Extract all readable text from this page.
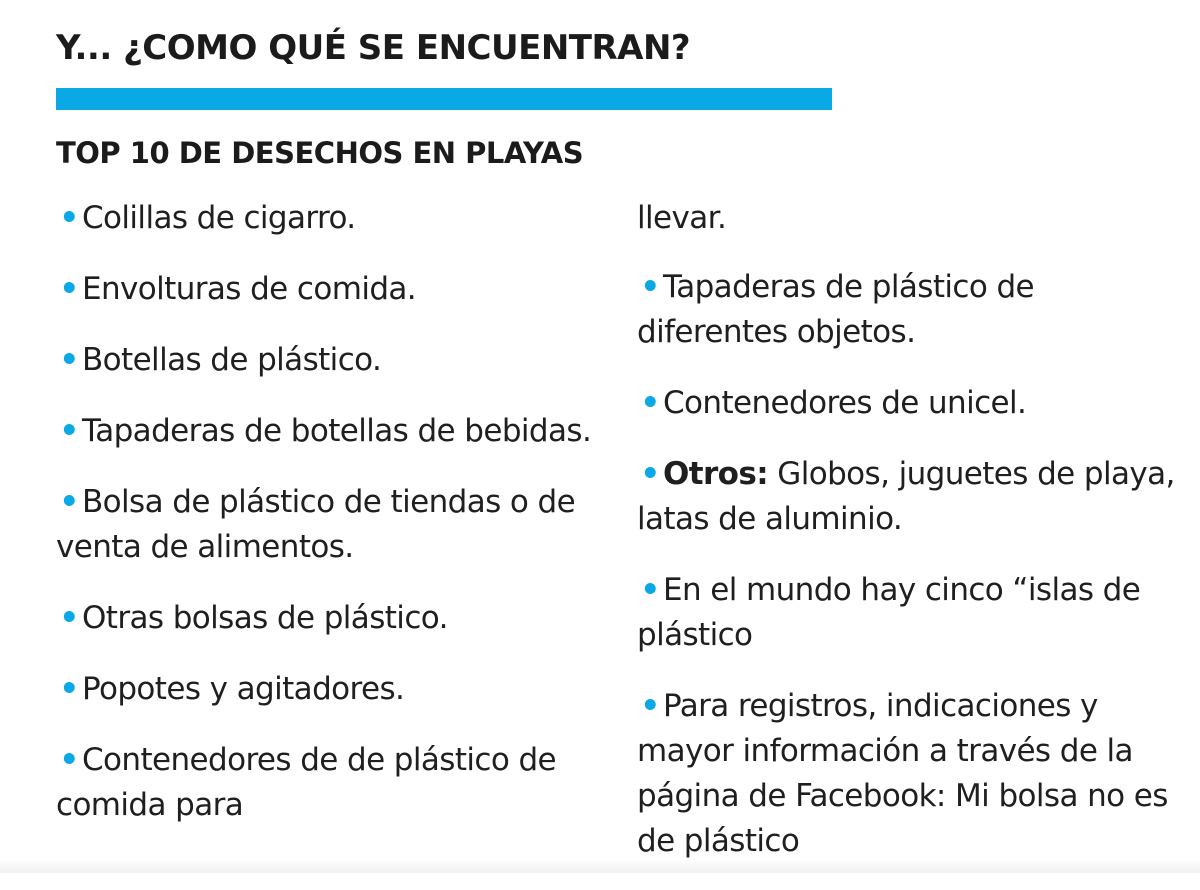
Y... ¿COMO QUÉ SE ENCUENTRAN?
TOP 10 DE DESECHOS EN PLAYAS
• Colillas de cigarro.
• Envolturas de comida.
• Botellas de plástico.
• Tapaderas de botellas de bebidas.
• Bolsa de plástico de tiendas o de venta de alimentos.
• Otras bolsas de plástico.
• Popotes y agitadores.
• Contenedores de de plástico de comida para
llevar.
• Tapaderas de plástico de diferentes objetos.
• Contenedores de unicel.
• Otros: Globos, juguetes de playa, latas de aluminio.
• En el mundo hay cinco “islas de plástico
• Para registros, indicaciones y mayor información a través de la página de Facebook: Mi bolsa no es de plástico
